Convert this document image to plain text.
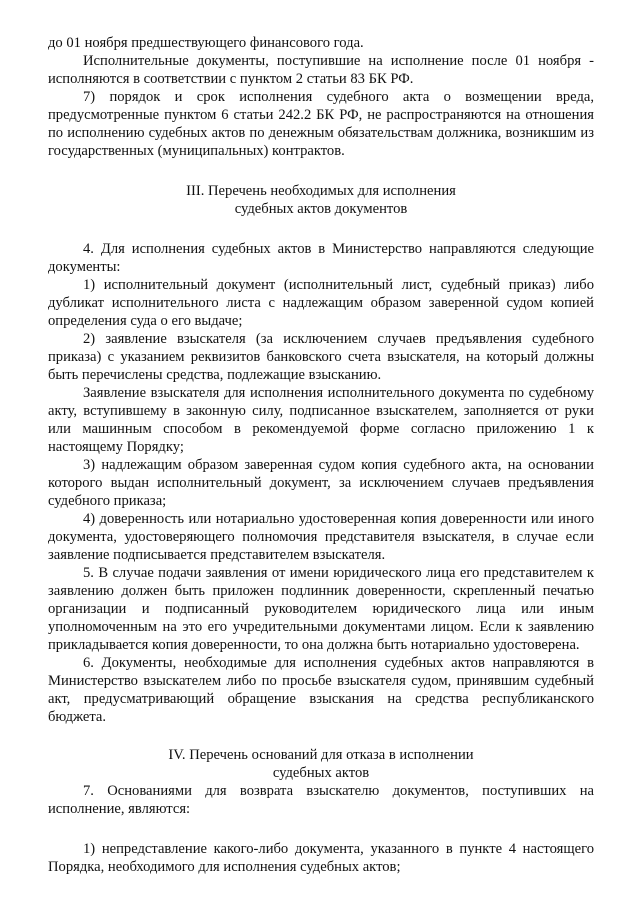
до 01 ноября предшествующего финансового года.

Исполнительные документы, поступившие на исполнение после 01 ноября - исполняются в соответствии с пунктом 2 статьи 83 БК РФ.

7) порядок и срок исполнения судебного акта о возмещении вреда, предусмотренные пунктом 6 статьи 242.2 БК РФ, не распространяются на отношения по исполнению судебных актов по денежным обязательствам должника, возникшим из государственных (муниципальных) контрактов.

III. Перечень необходимых для исполнения

судебных актов документов

4. Для исполнения судебных актов в Министерство направляются следующие документы:

1) исполнительный документ (исполнительный лист, судебный приказ) либо дубликат исполнительного листа с надлежащим образом заверенной судом копией определения суда о его выдаче;

2) заявление взыскателя (за исключением случаев предъявления судебного приказа) с указанием реквизитов банковского счета взыскателя, на который должны быть перечислены средства, подлежащие взысканию.

Заявление взыскателя для исполнения исполнительного документа по судебному акту, вступившему в законную силу, подписанное взыскателем, заполняется от руки или машинным способом в рекомендуемой форме согласно приложению 1 к настоящему Порядку;

3) надлежащим образом заверенная судом копия судебного акта, на основании которого выдан исполнительный документ, за исключением случаев предъявления судебного приказа;

4) доверенность или нотариально удостоверенная копия доверенности или иного документа, удостоверяющего полномочия представителя взыскателя, в случае если заявление подписывается представителем взыскателя.

5. В случае подачи заявления от имени юридического лица его представителем к заявлению должен быть приложен подлинник доверенности, скрепленный печатью организации и подписанный руководителем юридического лица или иным уполномоченным на это его учредительными документами лицом. Если к заявлению прикладывается копия доверенности, то она должна быть нотариально удостоверена.

6. Документы, необходимые для исполнения судебных актов направляются в Министерство взыскателем либо по просьбе взыскателя судом, принявшим судебный акт, предусматривающий обращение взыскания на средства республиканского бюджета.

IV. Перечень оснований для отказа в исполнении

судебных актов

7. Основаниями для возврата взыскателю документов, поступивших на исполнение, являются:

1) непредставление какого-либо документа, указанного в пункте 4 настоящего Порядка, необходимого для исполнения судебных актов;
